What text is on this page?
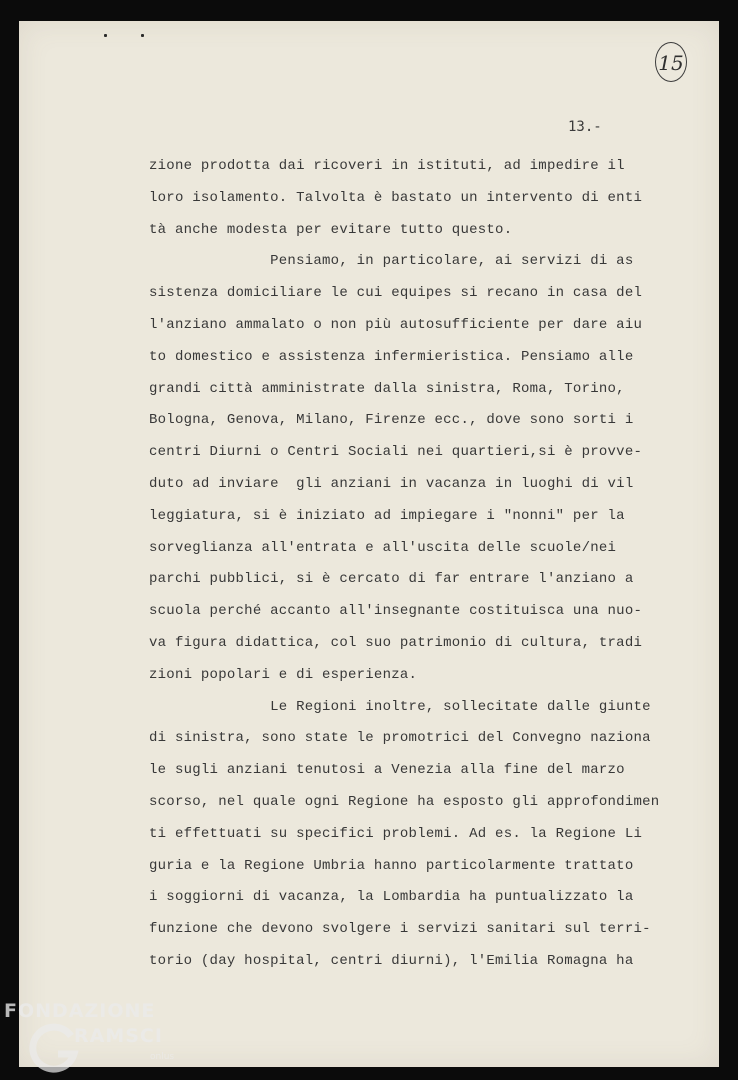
15
13.-
zione prodotta dai ricoveri in istituti, ad impedire il
loro isolamento. Talvolta è bastato un intervento di enti
tà anche modesta per evitare tutto questo.
Pensiamo, in particolare, ai servizi di as
sistenza domiciliare le cui equipes si recano in casa del
l'anziano ammalato o non più autosufficiente per dare aiu
to domestico e assistenza infermieristica. Pensiamo alle
grandi città amministrate dalla sinistra, Roma, Torino,
Bologna, Genova, Milano, Firenze ecc., dove sono sorti i
centri Diurni o Centri Sociali nei quartieri,si è provve-
duto ad inviare  gli anziani in vacanza in luoghi di vil
leggiatura, si è iniziato ad impiegare i "nonni" per la
sorveglianza all'entrata e all'uscita delle scuole/nei
parchi pubblici, si è cercato di far entrare l'anziano a
scuola perché accanto all'insegnante costituisca una nuo-
va figura didattica, col suo patrimonio di cultura, tradi
zioni popolari e di esperienza.
Le Regioni inoltre, sollecitate dalle giunte
di sinistra, sono state le promotrici del Convegno naziona
le sugli anziani tenutosi a Venezia alla fine del marzo
scorso, nel quale ogni Regione ha esposto gli approfondimen
ti effettuati su specifici problemi. Ad es. la Regione Li
guria e la Regione Umbria hanno particolarmente trattato
i soggiorni di vacanza, la Lombardia ha puntualizzato la
funzione che devono svolgere i servizi sanitari sul terri-
torio (day hospital, centri diurni), l'Emilia Romagna ha
FONDAZIONE
RAMSCI
onlus
